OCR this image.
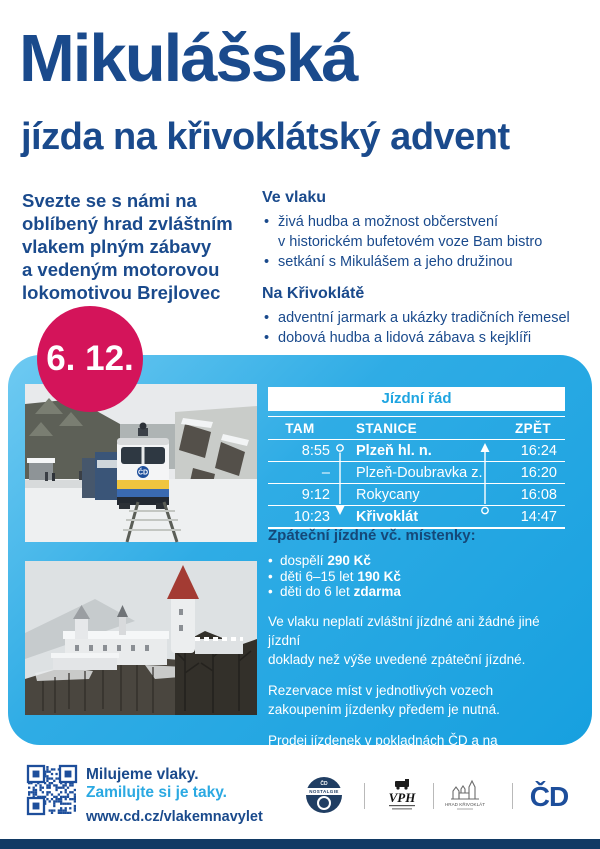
Mikulášská
jízda na křivoklátský advent
Svezte se s námi na
oblíbený hrad zvláštním
vlakem plným zábavy
a vedeným motorovou
lokomotivou Brejlovec
Ve vlaku
• živá hudba a možnost občerstvení
v historickém bufetovém voze Bam bistro
• setkání s Mikulášem a jeho družinou
Na Křivoklátě
• adventní jarmark a ukázky tradičních řemesel
• dobová hudba a lidová zábava s kejklíři
6. 12.
ČD
Jízdní řád
TAM	STANICE	ZPĚT
8:55	Plzeň hl. n.	16:24
–	Plzeň-Doubravka z.	16:20
9:12	Rokycany	16:08
10:23	Křivoklát	14:47
Zpáteční jízdné vč. místenky:
• dospělí 290 Kč
• děti 6–15 let 190 Kč
• děti do 6 let zdarma

Ve vlaku neplatí zvláštní jízdné ani žádné jiné jízdní
doklady než výše uvedené zpáteční jízdné.

Rezervace míst v jednotlivých vozech
zakoupením jízdenky předem je nutná.

Prodej jízdenek v pokladnách ČD a na
www.cd.cz/eshop od 11. 11. 2025.

Milujeme vlaky.
Zamilujte si je taky.
www.cd.cz/vlakemnavylet
ČD
NOSTALGIE	VPH	HRAD KŘIVOKLÁT ČD
